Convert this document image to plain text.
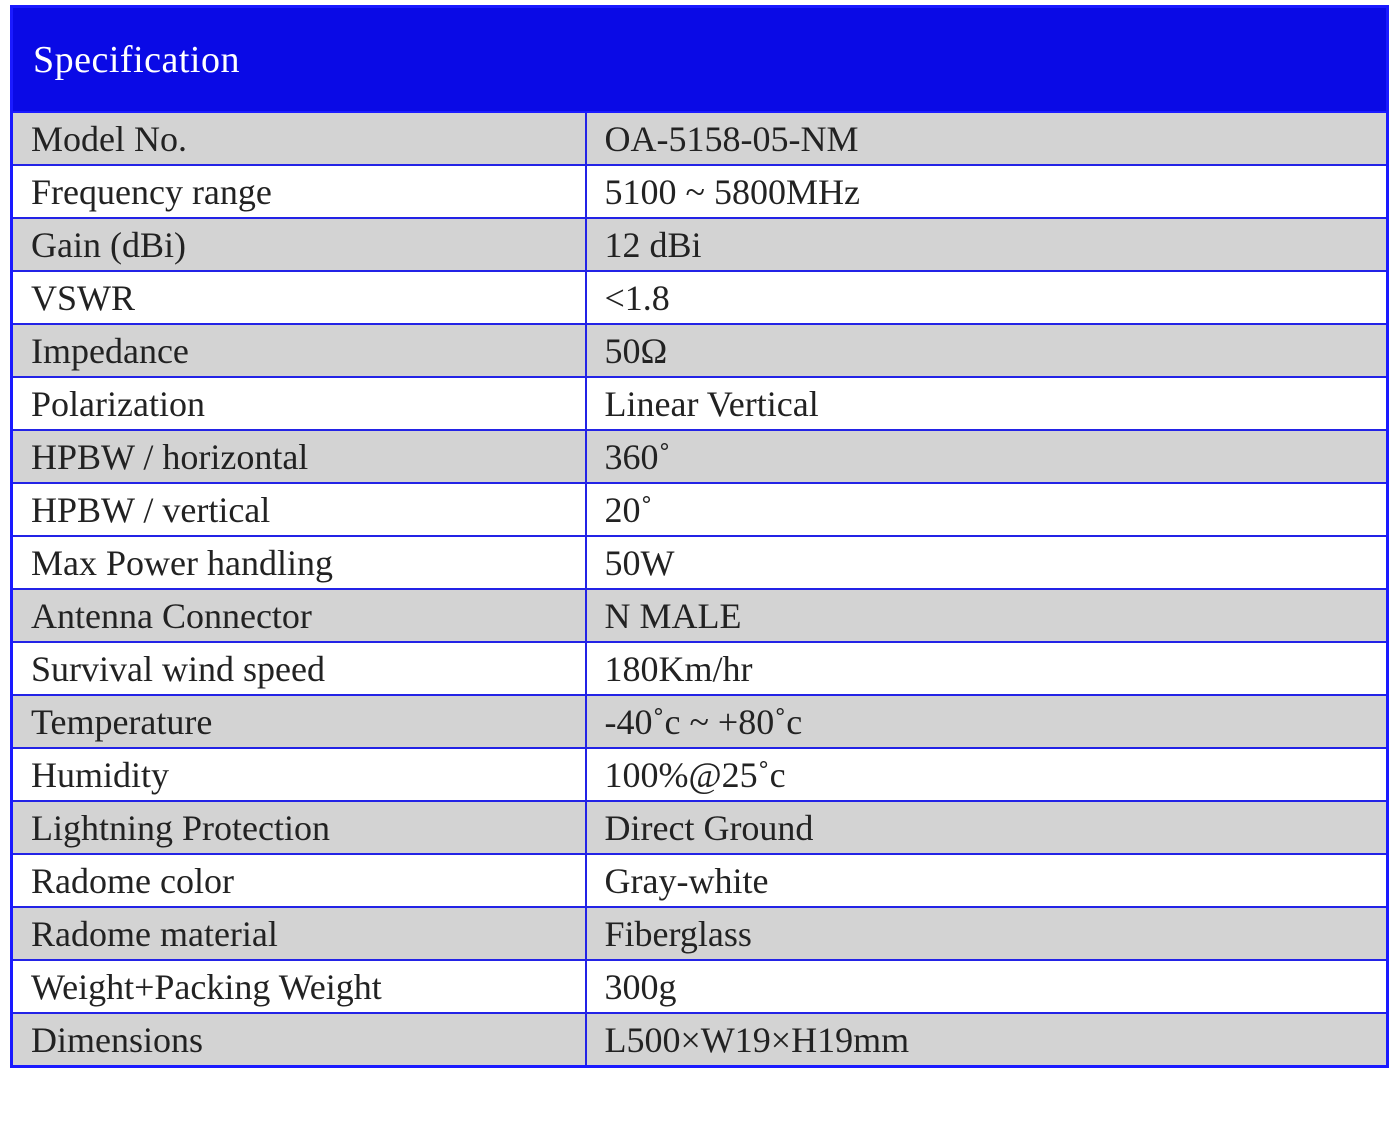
Specification	
Model No.	OA-5158-05-NM
Frequency range	5100 ~ 5800MHz
Gain (dBi)	12 dBi
VSWR	<1.8
Impedance	50Ω
Polarization	Linear Vertical
HPBW / horizontal	360˚
HPBW / vertical	20˚
Max Power handling	50W
Antenna Connector	N MALE
Survival wind speed	180Km/hr
Temperature	-40˚c ~ +80˚c
Humidity	100%@25˚c
Lightning Protection	Direct Ground
Radome color	Gray-white
Radome material	Fiberglass
Weight+Packing Weight	300g
Dimensions	L500×W19×H19mm
